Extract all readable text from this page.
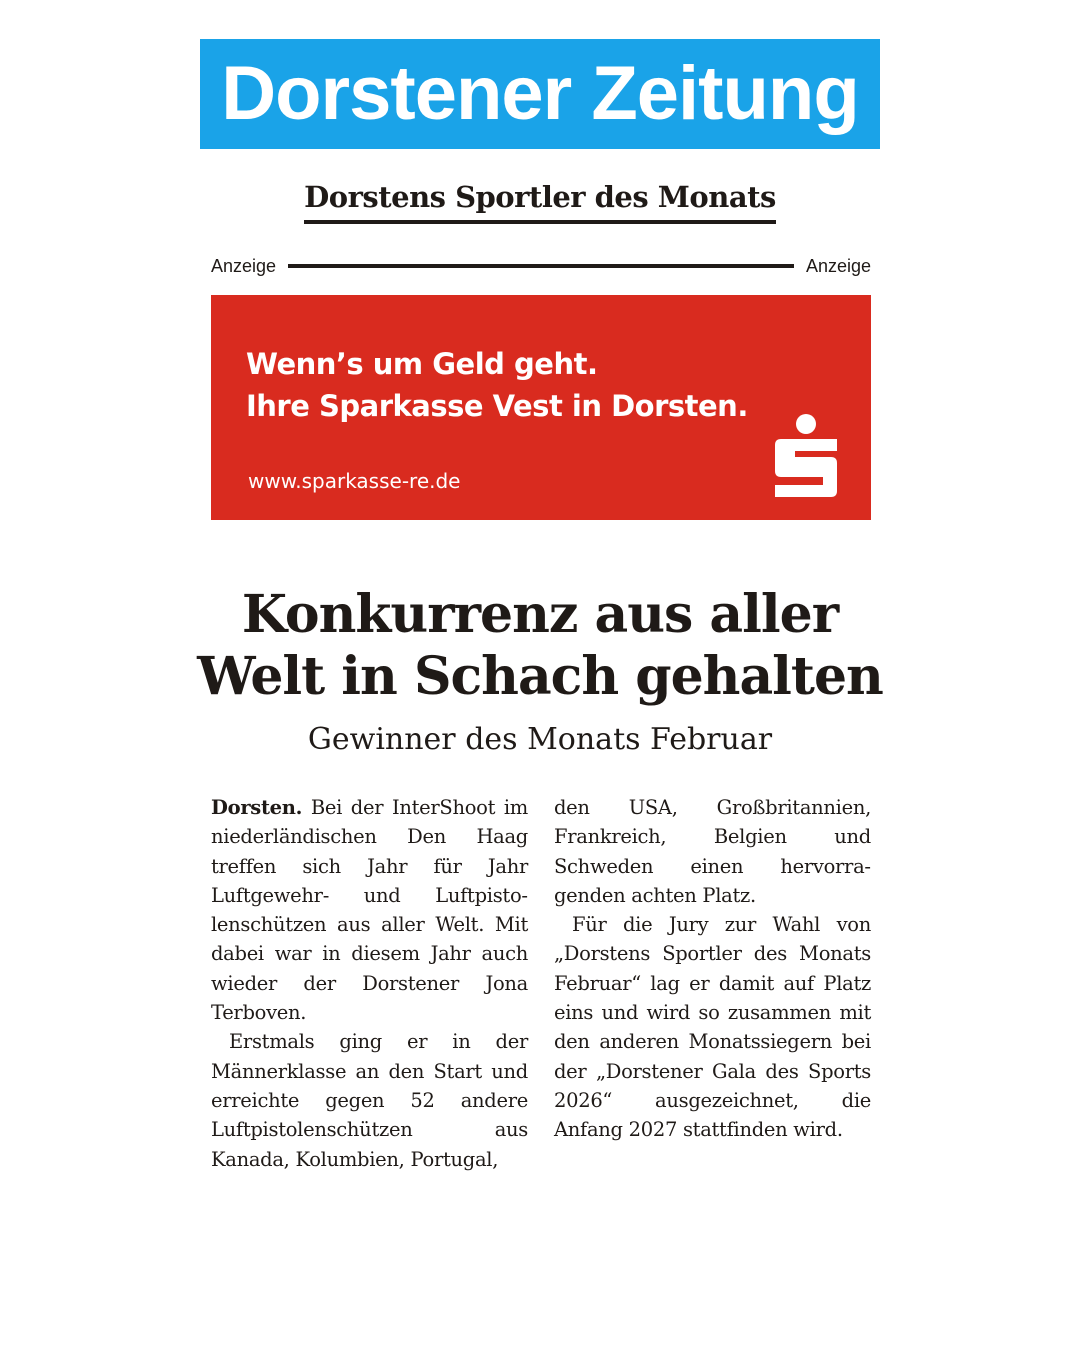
Dorstener Zeitung
Dorstens Sportler des Monats
Anzeige	Anzeige
Wenn’s um Geld geht.
Ihre Sparkasse Vest in Dorsten.
www.sparkasse-re.de
Konkurrenz aus aller
Welt in Schach gehalten
Gewinner des Monats Februar

Dorsten. Bei der InterShoot im niederländischen Den Haag treffen sich Jahr für Jahr Luftgewehr- und Luftpistolenschützen aus aller Welt. Mit dabei war in diesem Jahr auch wieder der Dorstener Jona Terboven.

Erstmals ging er in der Männerklasse an den Start und erreichte gegen 52 andere Luftpistolenschützen aus Kanada, Kolumbien, Portugal,

den USA, Großbritannien, Frankreich, Belgien und Schweden einen hervorragenden achten Platz.

Für die Jury zur Wahl von „Dorstens Sportler des Monats Februar“ lag er damit auf Platz eins und wird so zusammen mit den anderen Monatssiegern bei der „Dorstener Gala des Sports 2026“ ausgezeichnet, die Anfang 2027 stattfinden wird.
